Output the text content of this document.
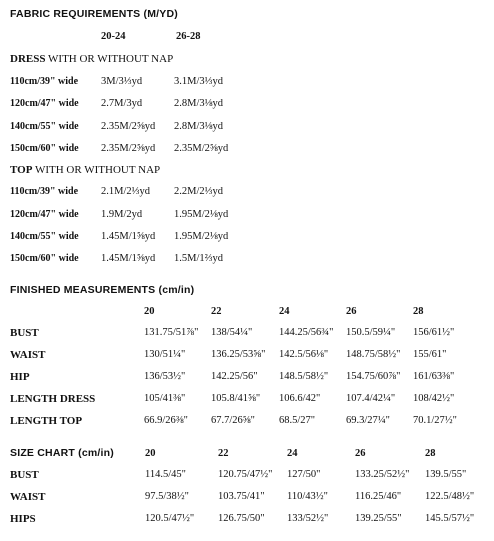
FABRIC REQUIREMENTS (M/YD)
20-24	26-28
DRESS WITH OR WITHOUT NAP
110cm/39" wide 3M/3⅓yd	3.1M/3⅓yd
120cm/47" wide 2.7M/3yd	2.8M/3⅛yd
140cm/55" wide 2.35M/2⅝yd 2.8M/3⅛yd
150cm/60" wide 2.35M/2⅝yd 2.35M/2⅝yd
TOP WITH OR WITHOUT NAP
110cm/39" wide 2.1M/2⅓yd 2.2M/2⅓yd
120cm/47" wide 1.9M/2yd	1.95M/2⅛yd
140cm/55" wide 1.45M/1⅝yd 1.95M/2⅛yd
150cm/60" wide 1.45M/1⅝yd 1.5M/1⅔yd
FINISHED MEASUREMENTS (cm/in)
20	22	24	26	28
BUST	131.75/51⅞" 138/54¼"	144.25/56¾" 150.5/59¼" 156/61½"
WAIST	130/51¼" 136.25/53⅝" 142.5/56⅛" 148.75/58½" 155/61"
HIP	136/53½" 142.25/56" 148.5/58½" 154.75/60⅞" 161/63⅜"
LENGTH DRESS	105/41⅜" 105.8/41⅝" 106.6/42" 107.4/42¼" 108/42½"
LENGTH TOP	66.9/26⅜" 67.7/26⅝" 68.5/27"	69.3/27¼" 70.1/27½"
SIZE CHART (cm/in)	20	22	24	26	28
BUST	114.5/45"	120.75/47½" 127/50"	133.25/52½" 139.5/55"
WAIST	97.5/38½"	103.75/41" 110/43½"	116.25/46" 122.5/48½"
HIPS	120.5/47½" 126.75/50" 133/52½"	139.25/55" 145.5/57½"
